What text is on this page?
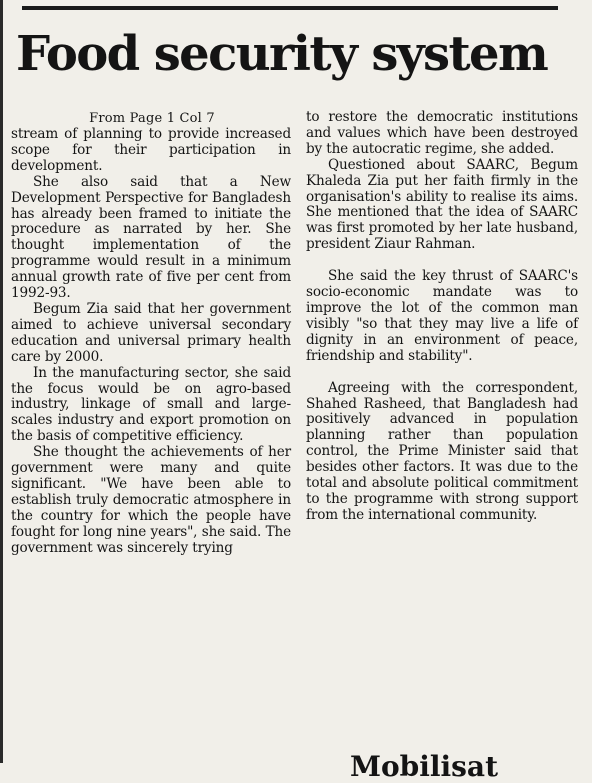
Food security system

From Page 1 Col 7

stream of planning to provide increased scope for their participation in development.

She also said that a New Development Perspective for Bangladesh has already been framed to initiate the procedure as narrated by her. She thought implementation of the programme would result in a minimum annual growth rate of five per cent from 1992-93.

Begum Zia said that her government aimed to achieve universal secondary education and universal primary health care by 2000.

In the manufacturing sector, she said the focus would be on agro-based industry, linkage of small and large-scales industry and export promotion on the basis of competitive efficiency.

She thought the achievements of her government were many and quite significant. "We have been able to establish truly democratic atmosphere in the country for which the people have fought for long nine years", she said. The government was sincerely trying

to restore the democratic institutions and values which have been destroyed by the autocratic regime, she added.

Questioned about SAARC, Begum Khaleda Zia put her faith firmly in the organisation's ability to realise its aims. She mentioned that the idea of SAARC was first promoted by her late husband, president Ziaur Rahman.

She said the key thrust of SAARC's socio-economic mandate was to improve the lot of the common man visibly "so that they may live a life of dignity in an environment of peace, friendship and stability".

Agreeing with the correspondent, Shahed Rasheed, that Bangladesh had positively advanced in population planning rather than population control, the Prime Minister said that besides other factors. It was due to the total and absolute political commitment to the programme with strong support from the international community.

Mobilisat
